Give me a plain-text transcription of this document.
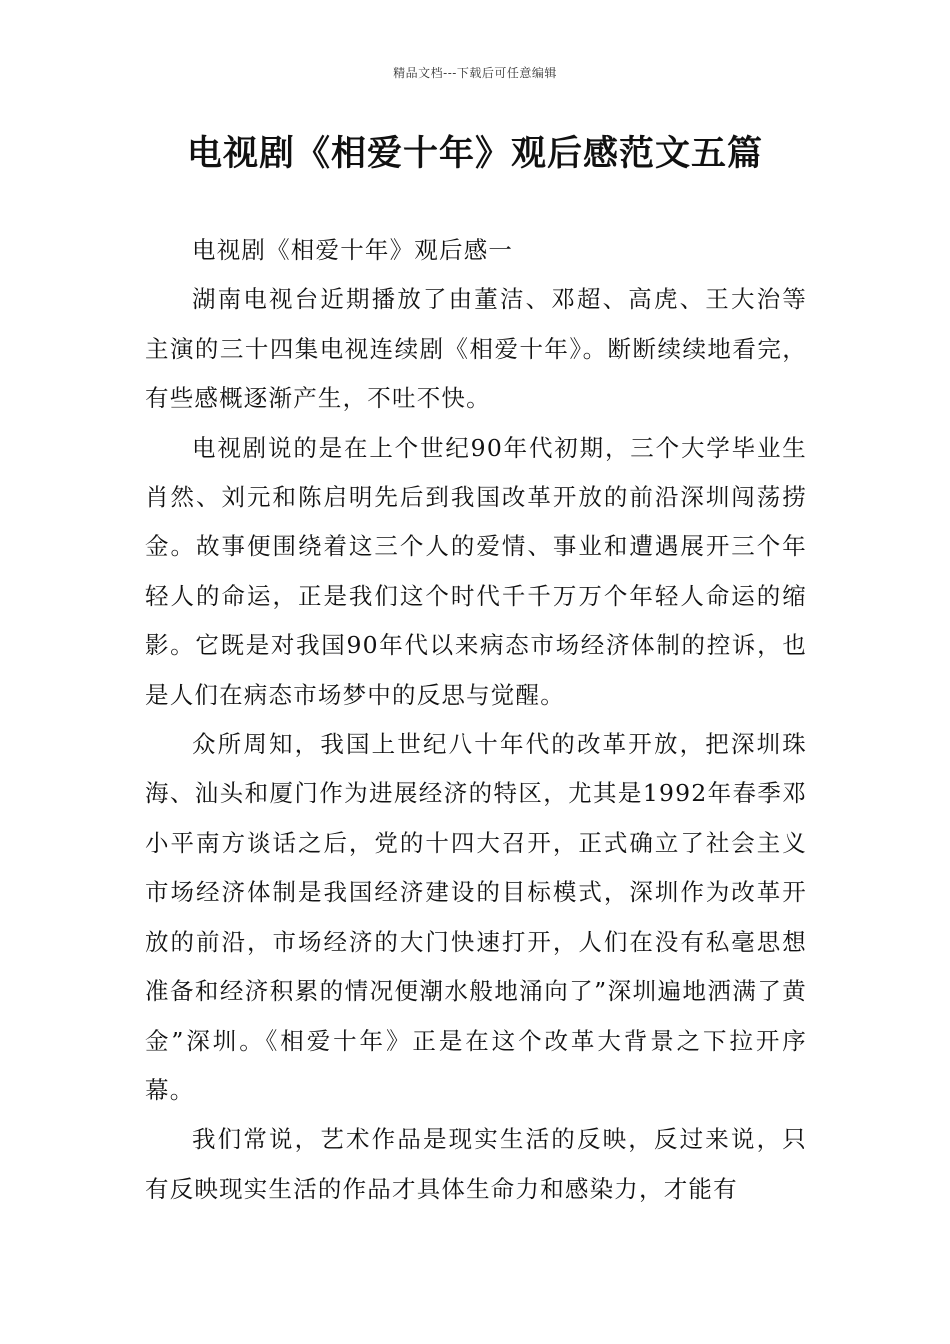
精品文档---下载后可任意编辑
电视剧《相爱十年》观后感范文五篇

电视剧《相爱十年》观后感一

湖南电视台近期播放了由董洁、邓超、高虎、王大治等主演的三十四集电视连续剧《相爱十年》。断断续续地看完，有些感概逐渐产生，不吐不快。

电视剧说的是在上个世纪90年代初期，三个大学毕业生肖然、刘元和陈启明先后到我国改革开放的前沿深圳闯荡捞金。故事便围绕着这三个人的爱情、事业和遭遇展开三个年轻人的命运，正是我们这个时代千千万万个年轻人命运的缩影。它既是对我国90年代以来病态市场经济体制的控诉，也是人们在病态市场梦中的反思与觉醒。

众所周知，我国上世纪八十年代的改革开放，把深圳珠海、汕头和厦门作为进展经济的特区，尤其是1992年春季邓小平南方谈话之后，党的十四大召开，正式确立了社会主义市场经济体制是我国经济建设的目标模式，深圳作为改革开放的前沿，市场经济的大门快速打开，人们在没有私毫思想准备和经济积累的情况便潮水般地涌向了”深圳遍地洒满了黄金”深圳。《相爱十年》正是在这个改革大背景之下拉开序幕。

我们常说，艺术作品是现实生活的反映，反过来说，只有反映现实生活的作品才具体生命力和感染力，才能有
